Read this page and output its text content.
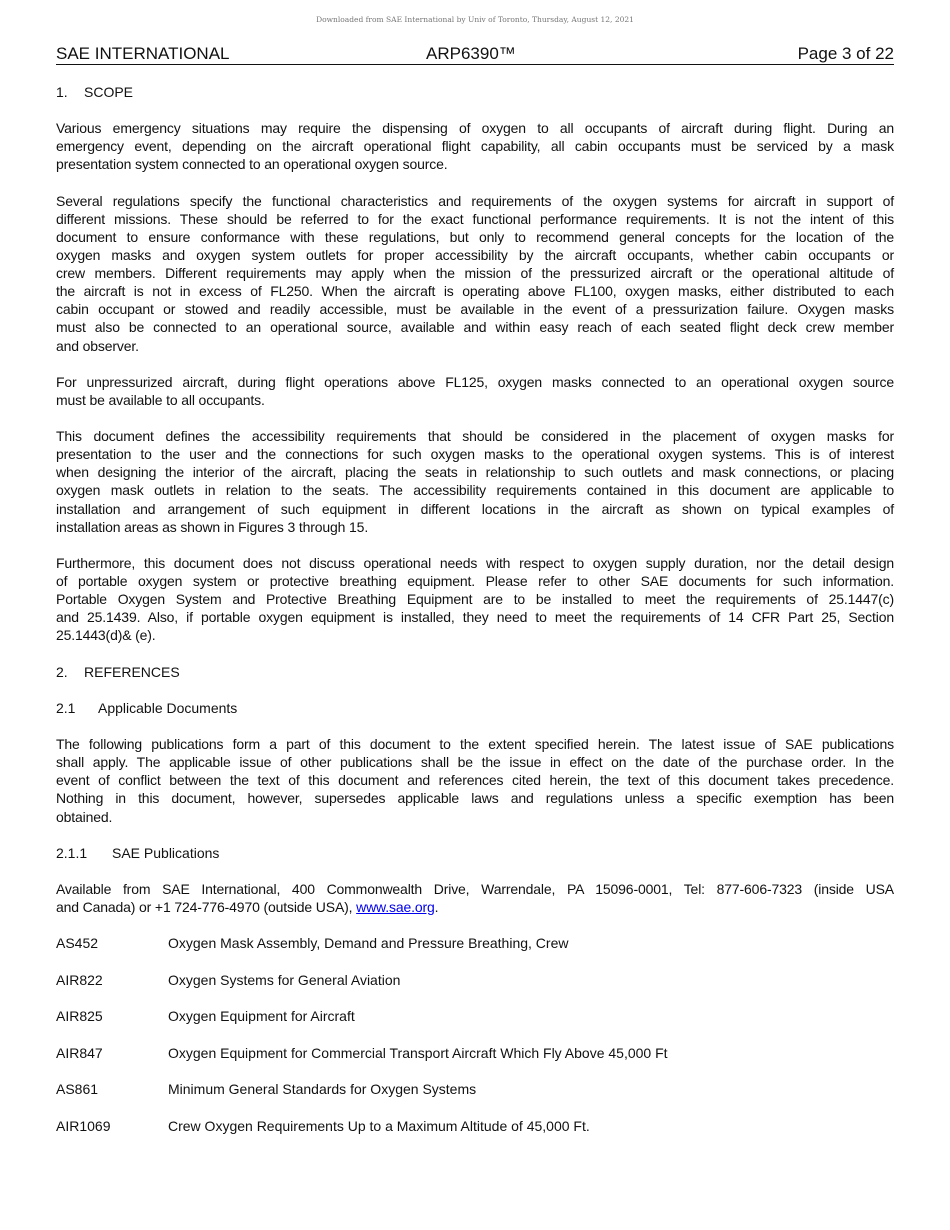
Downloaded from SAE International by Univ of Toronto, Thursday, August 12, 2021
SAE INTERNATIONAL	ARP6390™	Page 3 of 22
1. SCOPE
Various emergency situations may require the dispensing of oxygen to all occupants of aircraft during flight. During an
emergency event, depending on the aircraft operational flight capability, all cabin occupants must be serviced by a mask
presentation system connected to an operational oxygen source.
Several regulations specify the functional characteristics and requirements of the oxygen systems for aircraft in support of
different missions. These should be referred to for the exact functional performance requirements. It is not the intent of this
document to ensure conformance with these regulations, but only to recommend general concepts for the location of the
oxygen masks and oxygen system outlets for proper accessibility by the aircraft occupants, whether cabin occupants or
crew members. Different requirements may apply when the mission of the pressurized aircraft or the operational altitude of
the aircraft is not in excess of FL250. When the aircraft is operating above FL100, oxygen masks, either distributed to each
cabin occupant or stowed and readily accessible, must be available in the event of a pressurization failure. Oxygen masks
must also be connected to an operational source, available and within easy reach of each seated flight deck crew member
and observer.
For unpressurized aircraft, during flight operations above FL125, oxygen masks connected to an operational oxygen source
must be available to all occupants.
This document defines the accessibility requirements that should be considered in the placement of oxygen masks for
presentation to the user and the connections for such oxygen masks to the operational oxygen systems. This is of interest
when designing the interior of the aircraft, placing the seats in relationship to such outlets and mask connections, or placing
oxygen mask outlets in relation to the seats. The accessibility requirements contained in this document are applicable to
installation and arrangement of such equipment in different locations in the aircraft as shown on typical examples of
installation areas as shown in Figures 3 through 15.
Furthermore, this document does not discuss operational needs with respect to oxygen supply duration, nor the detail design
of portable oxygen system or protective breathing equipment. Please refer to other SAE documents for such information.
Portable Oxygen System and Protective Breathing Equipment are to be installed to meet the requirements of 25.1447(c)
and 25.1439. Also, if portable oxygen equipment is installed, they need to meet the requirements of 14 CFR Part 25, Section
25.1443(d)& (e).
2. REFERENCES
2.1 Applicable Documents
The following publications form a part of this document to the extent specified herein. The latest issue of SAE publications
shall apply. The applicable issue of other publications shall be the issue in effect on the date of the purchase order. In the
event of conflict between the text of this document and references cited herein, the text of this document takes precedence.
Nothing in this document, however, supersedes applicable laws and regulations unless a specific exemption has been
obtained.
2.1.1 SAE Publications
Available from SAE International, 400 Commonwealth Drive, Warrendale, PA 15096-0001, Tel: 877-606-7323 (inside USA
and Canada) or +1 724-776-4970 (outside USA), www.sae.org.
AS452	Oxygen Mask Assembly, Demand and Pressure Breathing, Crew
AIR822	Oxygen Systems for General Aviation
AIR825	Oxygen Equipment for Aircraft
AIR847	Oxygen Equipment for Commercial Transport Aircraft Which Fly Above 45,000 Ft
AS861	Minimum General Standards for Oxygen Systems
AIR1069	Crew Oxygen Requirements Up to a Maximum Altitude of 45,000 Ft.
